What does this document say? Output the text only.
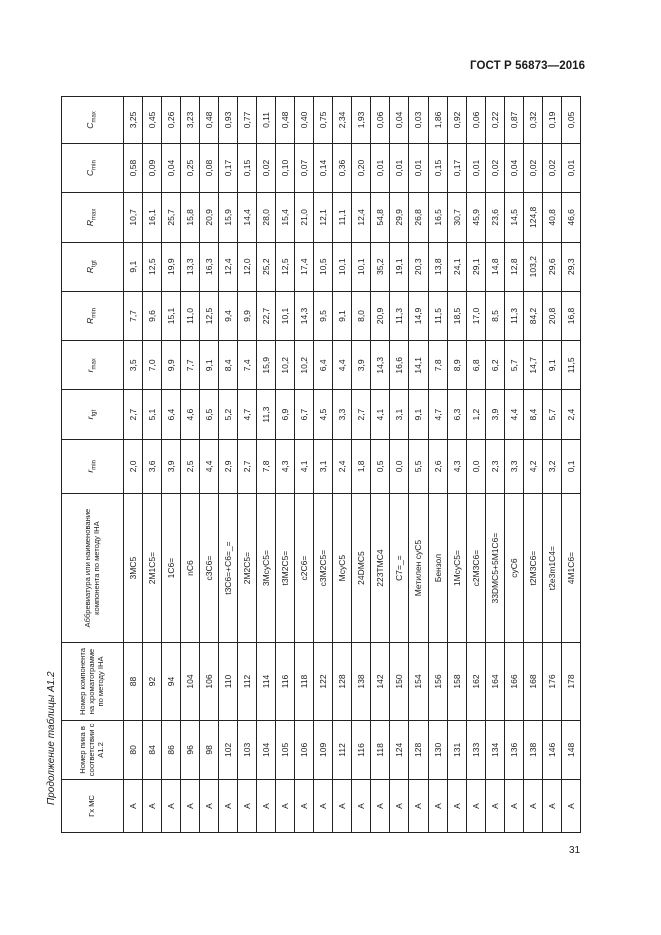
ГОСТ Р 56873—2016
Продолжение таблицы А1.2
Гх МС	Номер пика в соответствии с А1.2	Номер компонента на хроматограмме по методу IHA	Аббревиатура или наименование компонента по методу IHA	$r_{min}$	$r_{tgt}$	$r_{max}$	$R_{min}$	$R_{tgt}$	$R_{max}$	$C_{min}$	$C_{max}$
А	80	88	3MC5	2,0	2,7	3,5	7,7	9,1	10,7	0,58	3,25
А	84	92	2M1C5=	3,6	5,1	7,0	9,6	12,5	16,1	0,09	0,45
А	86	94	1C6=	3,9	6,4	9,9	15,1	19,9	25,7	0,04	0,26
А	96	104	nC6	2,5	4,6	7,7	11,0	13,3	15,8	0,25	3,23
А	98	106	c3C6=	4,4	6,5	9,1	12,5	16,3	20,9	0,08	0,48
А	102	110	t3C6=+C6=_=	2,9	5,2	8,4	9,4	12,4	15,9	0,17	0,93
А	103	112	2M2C5=	2,7	4,7	7,4	9,9	12,0	14,4	0,15	0,77
А	104	114	3McyC5=	7,8	11,3	15,9	22,7	25,2	28,0	0,02	0,11
А	105	116	t3M2C5=	4,3	6,9	10,2	10,1	12,5	15,4	0,10	0,48
А	106	118	c2C6=	4,1	6,7	10,2	14,3	17,4	21,0	0,07	0,40
А	109	122	c3M2C5=	3,1	4,5	6,4	9,5	10,5	12,1	0,14	0,75
А	112	128	McyC5	2,4	3,3	4,4	9,1	10,1	11,1	0,36	2,34
А	116	138	24DMC5	1,8	2,7	3,9	8,0	10,1	12,4	0,20	1,93
А	118	142	223TMC4	0,5	4,1	14,3	20,9	35,2	54,8	0,01	0,06
А	124	150	C7=_=	0,0	3,1	16,6	11,3	19,1	29,9	0,01	0,04
А	128	154	Метилен cyC5	5,5	9,1	14,1	14,9	20,3	26,8	0,01	0,03
А	130	156	Бензол	2,6	4,7	7,8	11,5	13,8	16,5	0,15	1,86
А	131	158	1McyC5=	4,3	6,3	8,9	18,5	24,1	30,7	0,17	0,92
А	133	162	c2M3C6=	0,0	1,2	6,8	17,0	29,1	45,9	0,01	0,06
А	134	164	33DMC5+5M1C6=	2,3	3,9	6,2	8,5	14,8	23,6	0,02	0,22
А	136	166	cyC6	3,3	4,4	5,7	11,3	12,8	14,5	0,04	0,87
А	138	168	t2M3C6=	4,2	8,4	14,7	84,2	103,2	124,8	0,02	0,32
А	146	176	t2e3m1C4=	3,2	5,7	9,1	20,8	29,6	40,8	0,02	0,19
А	148	178	4M1C6=	0,1	2,4	11,5	16,8	29,3	46,6	0,01	0,05
31
